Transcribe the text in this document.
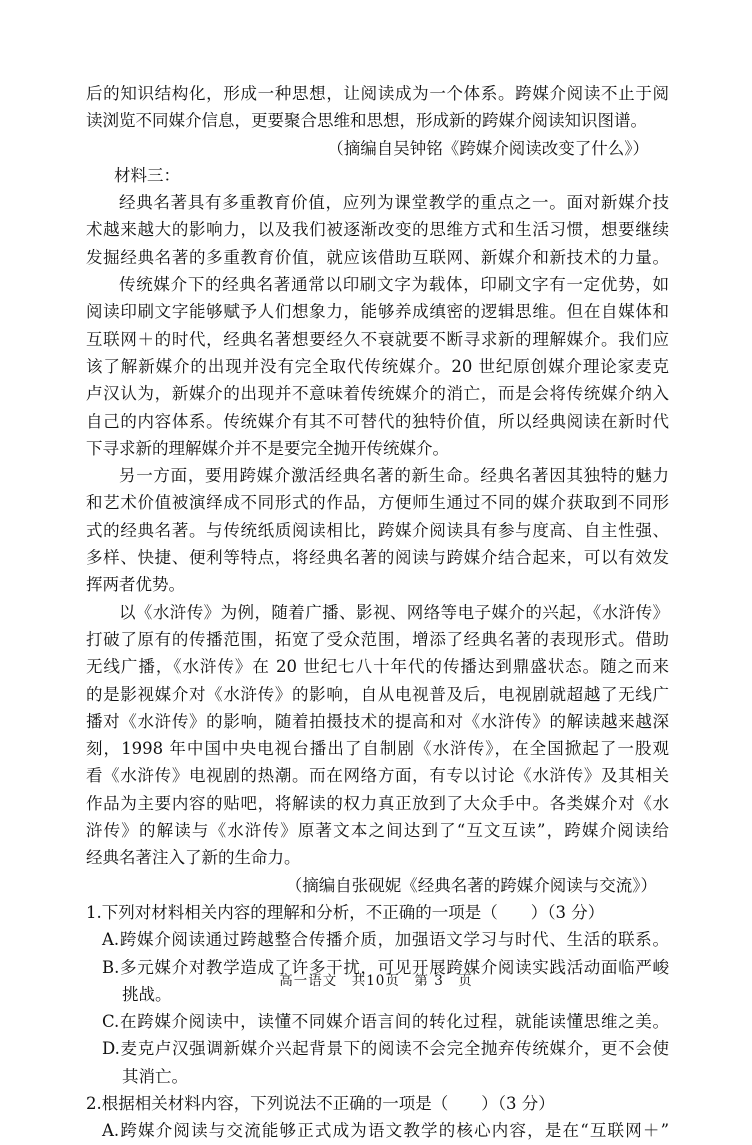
后的知识结构化，形成一种思想，让阅读成为一个体系。跨媒介阅读不止于阅

读浏览不同媒介信息，更要聚合思维和思想，形成新的跨媒介阅读知识图谱。

（摘编自吴钟铭《跨媒介阅读改变了什么》）

材料三：

经典名著具有多重教育价值，应列为课堂教学的重点之一。面对新媒介技

术越来越大的影响力，以及我们被逐渐改变的思维方式和生活习惯，想要继续

发掘经典名著的多重教育价值，就应该借助互联网、新媒介和新技术的力量。

传统媒介下的经典名著通常以印刷文字为载体，印刷文字有一定优势，如

阅读印刷文字能够赋予人们想象力，能够养成缜密的逻辑思维。但在自媒体和

互联网＋的时代，经典名著想要经久不衰就要不断寻求新的理解媒介。我们应

该了解新媒介的出现并没有完全取代传统媒介。20 世纪原创媒介理论家麦克

卢汉认为，新媒介的出现并不意味着传统媒介的消亡，而是会将传统媒介纳入

自己的内容体系。传统媒介有其不可替代的独特价值，所以经典阅读在新时代

下寻求新的理解媒介并不是要完全抛开传统媒介。

另一方面，要用跨媒介激活经典名著的新生命。经典名著因其独特的魅力

和艺术价值被演绎成不同形式的作品，方便师生通过不同的媒介获取到不同形

式的经典名著。与传统纸质阅读相比，跨媒介阅读具有参与度高、自主性强、

多样、快捷、便利等特点，将经典名著的阅读与跨媒介结合起来，可以有效发

挥两者优势。

以《水浒传》为例，随着广播、影视、网络等电子媒介的兴起，《水浒传》

打破了原有的传播范围，拓宽了受众范围，增添了经典名著的表现形式。借助

无线广播，《水浒传》在 20 世纪七八十年代的传播达到鼎盛状态。随之而来

的是影视媒介对《水浒传》的影响，自从电视普及后，电视剧就超越了无线广

播对《水浒传》的影响，随着拍摄技术的提高和对《水浒传》的解读越来越深

刻，1998 年中国中央电视台播出了自制剧《水浒传》，在全国掀起了一股观

看《水浒传》电视剧的热潮。而在网络方面，有专以讨论《水浒传》及其相关

作品为主要内容的贴吧，将解读的权力真正放到了大众手中。各类媒介对《水

浒传》的解读与《水浒传》原著文本之间达到了“互文互读”，跨媒介阅读给

经典名著注入了新的生命力。

（摘编自张砚妮《经典名著的跨媒介阅读与交流》）

1.下列对材料相关内容的理解和分析，不正确的一项是（　　）（3 分）

A.跨媒介阅读通过跨越整合传播介质，加强语文学习与时代、生活的联系。

B.多元媒介对教学造成了许多干扰，可见开展跨媒介阅读实践活动面临严峻

挑战。

C.在跨媒介阅读中，读懂不同媒介语言间的转化过程，就能读懂思维之美。

D.麦克卢汉强调新媒介兴起背景下的阅读不会完全抛弃传统媒介，更不会使

其消亡。

2.根据相关材料内容，下列说法不正确的一项是（　　）（3 分）

A.跨媒介阅读与交流能够正式成为语文教学的核心内容，是在“互联网＋”

高一语文　共10页　第 3　页
